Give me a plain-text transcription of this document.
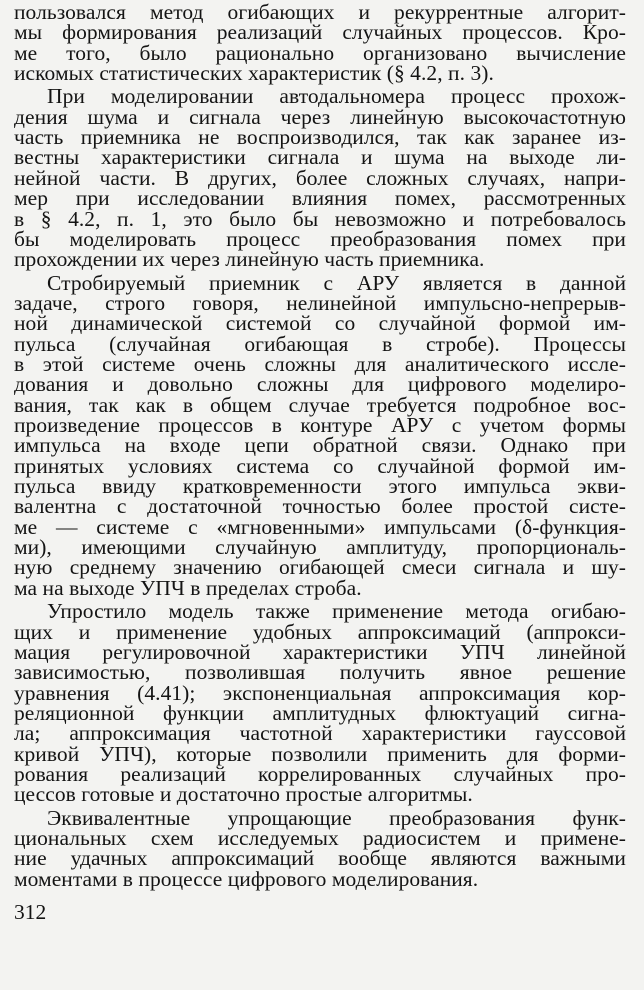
пользовался метод огибающих и рекуррентные алгорит-
мы формирования реализаций случайных процессов. Кро-
ме того, было рационально организовано вычисление
искомых статистических характеристик (§ 4.2, п. 3).
При моделировании автодальномера процесс прохож-
дения шума и сигнала через линейную высокочастотную
часть приемника не воспроизводился, так как заранее из-
вестны характеристики сигнала и шума на выходе ли-
нейной части. В других, более сложных случаях, напри-
мер при исследовании влияния помех, рассмотренных
в § 4.2, п. 1, это было бы невозможно и потребовалось
бы моделировать процесс преобразования помех при
прохождении их через линейную часть приемника.
Стробируемый приемник с АРУ является в данной
задаче, строго говоря, нелинейной импульсно-непрерыв-
ной динамической системой со случайной формой им-
пульса (случайная огибающая в стробе). Процессы
в этой системе очень сложны для аналитического иссле-
дования и довольно сложны для цифрового моделиро-
вания, так как в общем случае требуется подробное вос-
произведение процессов в контуре АРУ с учетом формы
импульса на входе цепи обратной связи. Однако при
принятых условиях система со случайной формой им-
пульса ввиду кратковременности этого импульса экви-
валентна с достаточной точностью более простой систе-
ме — системе с «мгновенными» импульсами (δ-функция-
ми), имеющими случайную амплитуду, пропорциональ-
ную среднему значению огибающей смеси сигнала и шу-
ма на выходе УПЧ в пределах строба.
Упростило модель также применение метода огибаю-
щих и применение удобных аппроксимаций (аппрокси-
мация регулировочной характеристики УПЧ линейной
зависимостью, позволившая получить явное решение
уравнения (4.41); экспоненциальная аппроксимация кор-
реляционной функции амплитудных флюктуаций сигна-
ла; аппроксимация частотной характеристики гауссовой
кривой УПЧ), которые позволили применить для форми-
рования реализаций коррелированных случайных про-
цессов готовые и достаточно простые алгоритмы.
Эквивалентные упрощающие преобразования функ-
циональных схем исследуемых радиосистем и примене-
ние удачных аппроксимаций вообще являются важными
моментами в процессе цифрового моделирования.
312
